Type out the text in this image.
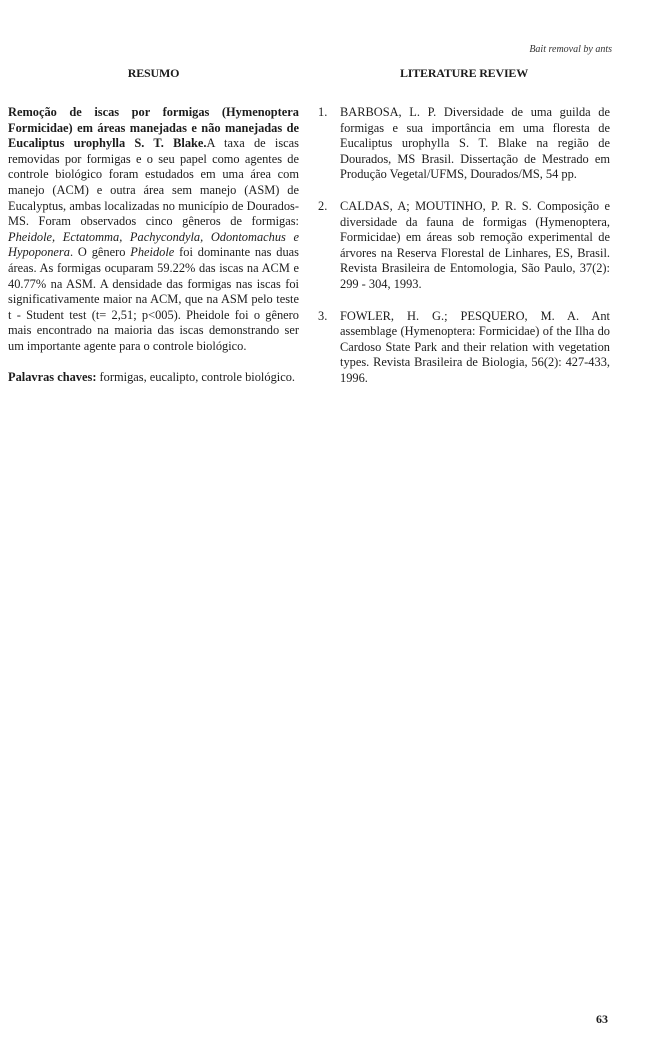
Bait removal by ants
RESUMO

Remoção de iscas por formigas (Hymenoptera Formicidae) em áreas manejadas e não manejadas de Eucaliptus urophylla S. T. Blake.A taxa de iscas removidas por formigas e o seu papel como agentes de controle biológico foram estudados em uma área com manejo (ACM) e outra área sem manejo (ASM) de Eucalyptus, ambas localizadas no município de Dourados-MS. Foram observados cinco gêneros de formigas: Pheidole, Ectatomma, Pachycondyla, Odontomachus e Hypoponera. O gênero Pheidole foi dominante nas duas áreas. As formigas ocuparam 59.22% das iscas na ACM e 40.77% na ASM. A densidade das formigas nas iscas foi significativamente maior na ACM, que na ASM pelo teste t - Student test (t= 2,51; p<005). Pheidole foi o gênero mais encontrado na maioria das iscas demonstrando ser um importante agente para o controle biológico.

Palavras chaves: formigas, eucalipto, controle biológico.

LITERATURE REVIEW
1. BARBOSA, L. P. Diversidade de uma guilda de formigas e sua importância em uma floresta de Eucaliptus urophylla S. T. Blake na região de Dourados, MS Brasil. Dissertação de Mestrado em Produção Vegetal/UFMS, Dourados/MS, 54 pp.
2. CALDAS, A; MOUTINHO, P. R. S. Composição e diversidade da fauna de formigas (Hymenoptera, Formicidae) em áreas sob remoção experimental de árvores na Reserva Florestal de Linhares, ES, Brasil. Revista Brasileira de Entomologia, São Paulo, 37(2): 299 - 304, 1993.
3. FOWLER, H. G.; PESQUERO, M. A. Ant assemblage (Hymenoptera: Formicidae) of the Ilha do Cardoso State Park and their relation with vegetation types. Revista Brasileira de Biologia, 56(2): 427-433, 1996.
63
